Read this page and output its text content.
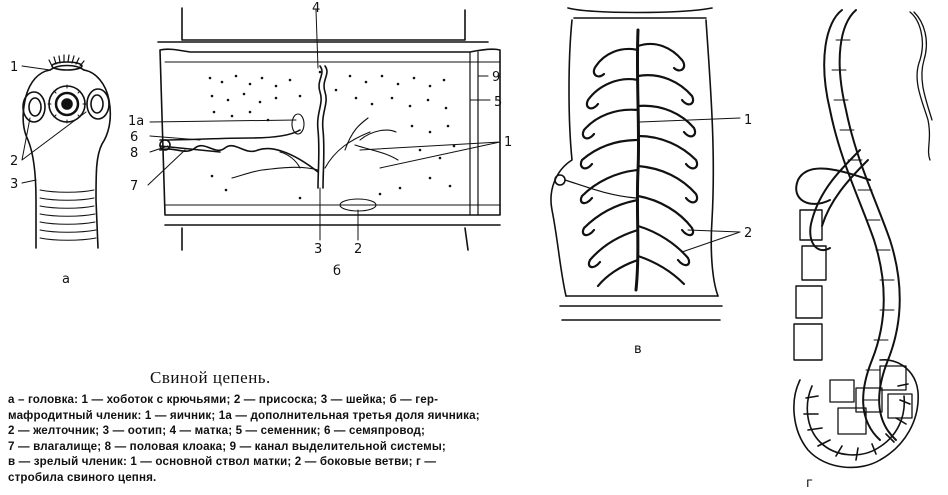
а
1
2
3
б
4
9
5
1а
6
8
7
1
3 2
в
1
2
г
Свиной цепень.
а – головка: 1 — хоботок с крючьями; 2 — присоска; 3 — шейка; б — гер-
мафродитный членик: 1 — яичник; 1а — дополнительная третья доля яичника;
2 — желточник; 3 — оотип; 4 — матка; 5 — семенник; 6 — семяпровод;
7 — влагалище; 8 — половая клоака; 9 — канал выделительной системы;
в — зрелый членик: 1 — основной ствол матки; 2 — боковые ветви; г —
стробила свиного цепня.
